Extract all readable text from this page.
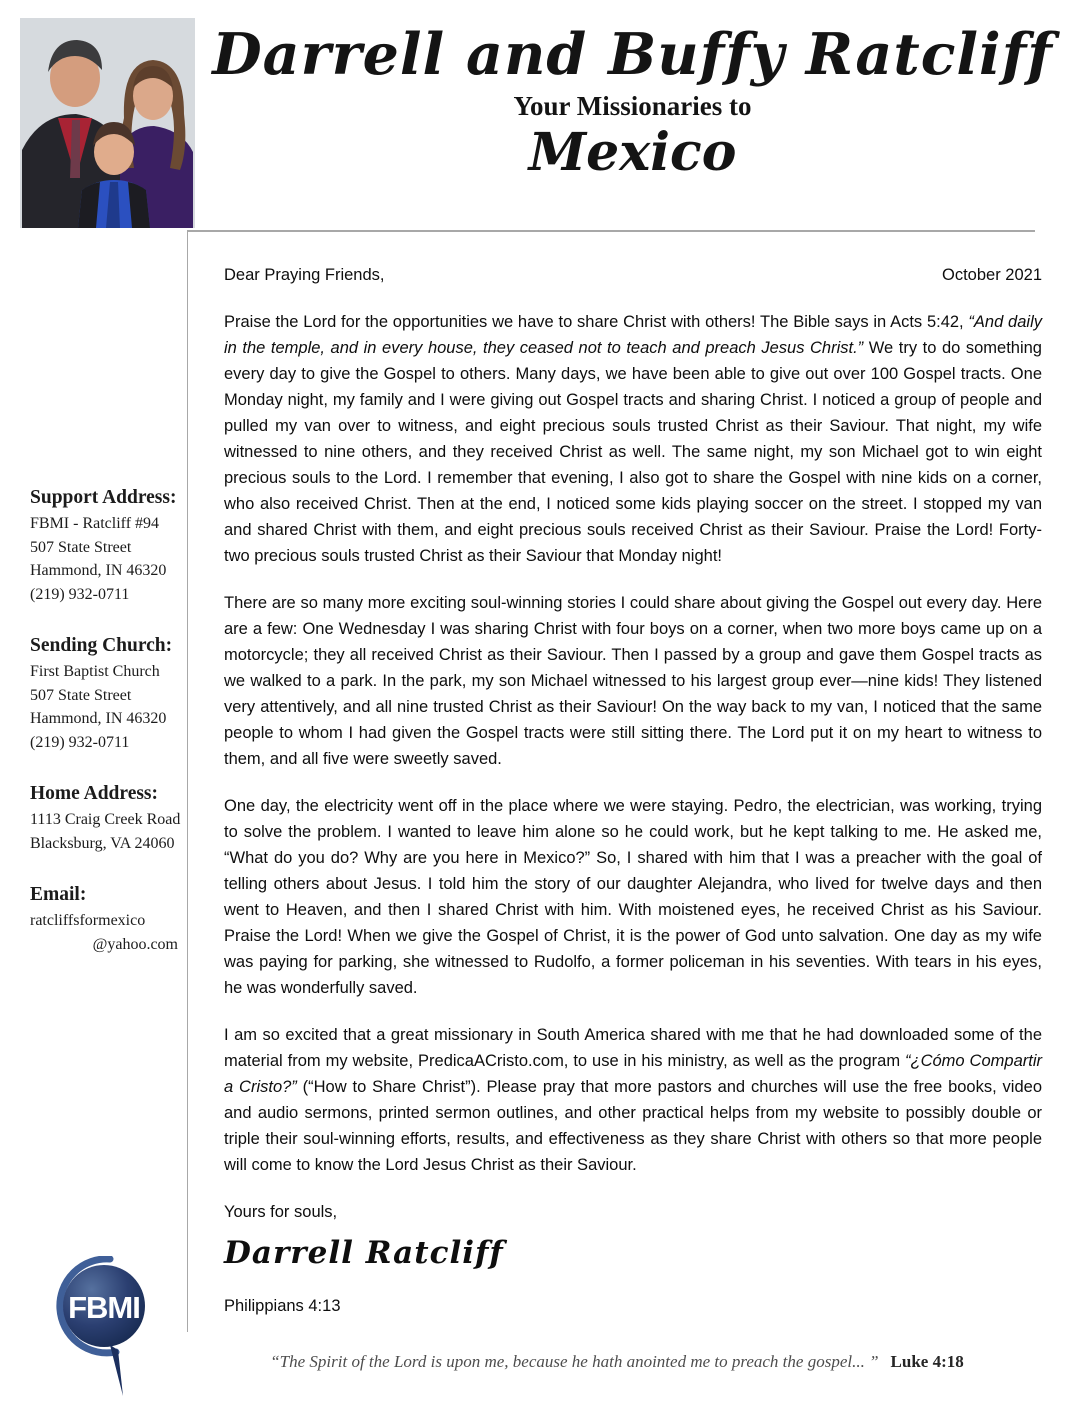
Darrell and Buffy Ratcliff
Your Missionaries to
Mexico
Support Address:
FBMI - Ratcliff #94
507 State Street
Hammond, IN 46320
(219) 932-0711
Sending Church:
First Baptist Church
507 State Street
Hammond, IN 46320
(219) 932-0711
Home Address:
1113 Craig Creek Road
Blacksburg, VA 24060
Email:
ratcliffsformexico
@yahoo.com
FBMI
Dear Praying Friends,	October 2021

Praise the Lord for the opportunities we have to share Christ with others! The Bible says in Acts 5:42, “And daily in the temple, and in every house, they ceased not to teach and preach Jesus Christ.” We try to do something every day to give the Gospel to others. Many days, we have been able to give out over 100 Gospel tracts. One Monday night, my family and I were giving out Gospel tracts and sharing Christ. I noticed a group of people and pulled my van over to witness, and eight precious souls trusted Christ as their Saviour. That night, my wife witnessed to nine others, and they received Christ as well. The same night, my son Michael got to win eight precious souls to the Lord. I remember that evening, I also got to share the Gospel with nine kids on a corner, who also received Christ. Then at the end, I noticed some kids playing soccer on the street. I stopped my van and shared Christ with them, and eight precious souls received Christ as their Saviour. Praise the Lord! Forty-two precious souls trusted Christ as their Saviour that Monday night!

There are so many more exciting soul-winning stories I could share about giving the Gospel out every day. Here are a few: One Wednesday I was sharing Christ with four boys on a corner, when two more boys came up on a motorcycle; they all received Christ as their Saviour. Then I passed by a group and gave them Gospel tracts as we walked to a park. In the park, my son Michael witnessed to his largest group ever—nine kids! They listened very attentively, and all nine trusted Christ as their Saviour! On the way back to my van, I noticed that the same people to whom I had given the Gospel tracts were still sitting there. The Lord put it on my heart to witness to them, and all five were sweetly saved.

One day, the electricity went off in the place where we were staying. Pedro, the electrician, was working, trying to solve the problem. I wanted to leave him alone so he could work, but he kept talking to me. He asked me, “What do you do? Why are you here in Mexico?” So, I shared with him that I was a preacher with the goal of telling others about Jesus. I told him the story of our daughter Alejandra, who lived for twelve days and then went to Heaven, and then I shared Christ with him. With moistened eyes, he received Christ as his Saviour. Praise the Lord! When we give the Gospel of Christ, it is the power of God unto salvation. One day as my wife was paying for parking, she witnessed to Rudolfo, a former policeman in his seventies. With tears in his eyes, he was wonderfully saved.

I am so excited that a great missionary in South America shared with me that he had downloaded some of the material from my website, PredicaACristo.com, to use in his ministry, as well as the program “¿Cómo Compartir a Cristo?” (“How to Share Christ”). Please pray that more pastors and churches will use the free books, video and audio sermons, printed sermon outlines, and other practical helps from my website to possibly double or triple their soul-winning efforts, results, and effectiveness as they share Christ with others so that more people will come to know the Lord Jesus Christ as their Saviour.

Yours for souls,
Darrell Ratcliff
Philippians 4:13
“The Spirit of the Lord is upon me, because he hath anointed me to preach the gospel... ” Luke 4:18
